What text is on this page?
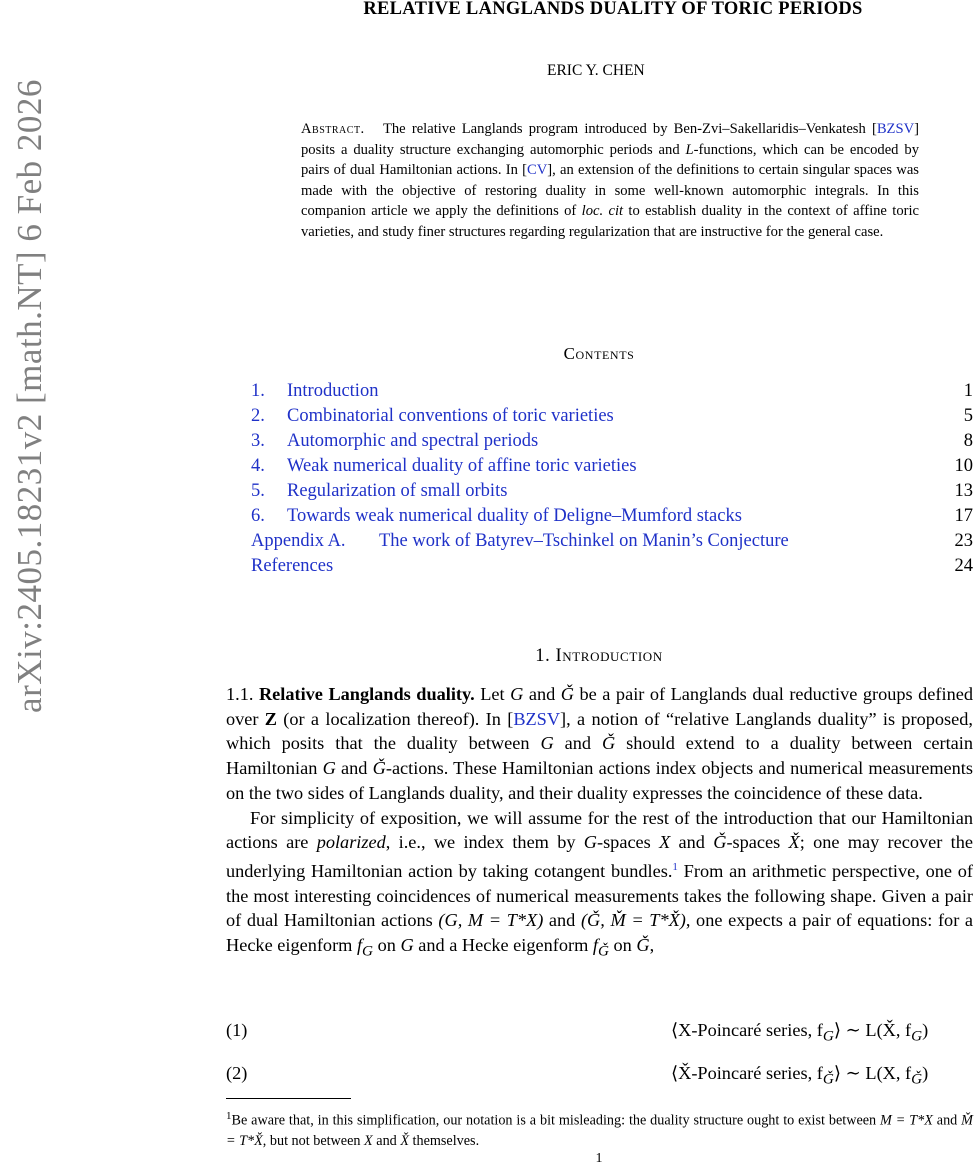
arXiv:2405.18231v2 [math.NT] 6 Feb 2026
RELATIVE LANGLANDS DUALITY OF TORIC PERIODS
ERIC Y. CHEN
Abstract. The relative Langlands program introduced by Ben-Zvi–Sakellaridis–Venkatesh [BZSV] posits a duality structure exchanging automorphic periods and L-functions, which can be encoded by pairs of dual Hamiltonian actions. In [CV], an extension of the definitions to certain singular spaces was made with the objective of restoring duality in some well-known automorphic integrals. In this companion article we apply the definitions of loc. cit to establish duality in the context of affine toric varieties, and study finer structures regarding regularization that are instructive for the general case.
Contents
1. Introduction	1
2. Combinatorial conventions of toric varieties	5
3. Automorphic and spectral periods	8
4. Weak numerical duality of affine toric varieties	10
5. Regularization of small orbits	13
6. Towards weak numerical duality of Deligne–Mumford stacks	17
Appendix A. The work of Batyrev–Tschinkel on Manin’s Conjecture	23
References	24
1. Introduction

1.1. Relative Langlands duality. Let G and Ǧ be a pair of Langlands dual reductive groups defined over Z (or a localization thereof). In [BZSV], a notion of “relative Langlands duality” is proposed, which posits that the duality between G and Ǧ should extend to a duality between certain Hamiltonian G and Ǧ-actions. These Hamiltonian actions index objects and numerical measurements on the two sides of Langlands duality, and their duality expresses the coincidence of these data.

For simplicity of exposition, we will assume for the rest of the introduction that our Hamiltonian actions are polarized, i.e., we index them by G-spaces X and Ǧ-spaces X̌; one may recover the underlying Hamiltonian action by taking cotangent bundles.$^1$ From an arithmetic perspective, one of the most interesting coincidences of numerical measurements takes the following shape. Given a pair of dual Hamiltonian actions (G, M = T*X) and (Ǧ, M̌ = T*X̌), one expects a pair of equations: for a Hecke eigenform $f_G$ on G and a Hecke eigenform $f_Ǧ$ on Ǧ,

(1)	⟨X-Poincaré series, $f_G⟩$ ∼ L(X̌, $f_G$)
(2)	⟨X̌-Poincaré series, $f_Ǧ⟩$ ∼ L(X, $f_Ǧ$)
$^1$Be aware that, in this simplification, our notation is a bit misleading: the duality structure ought to exist between M = T*X and M̌ = T*X̌, but not between X and X̌ themselves.
1
